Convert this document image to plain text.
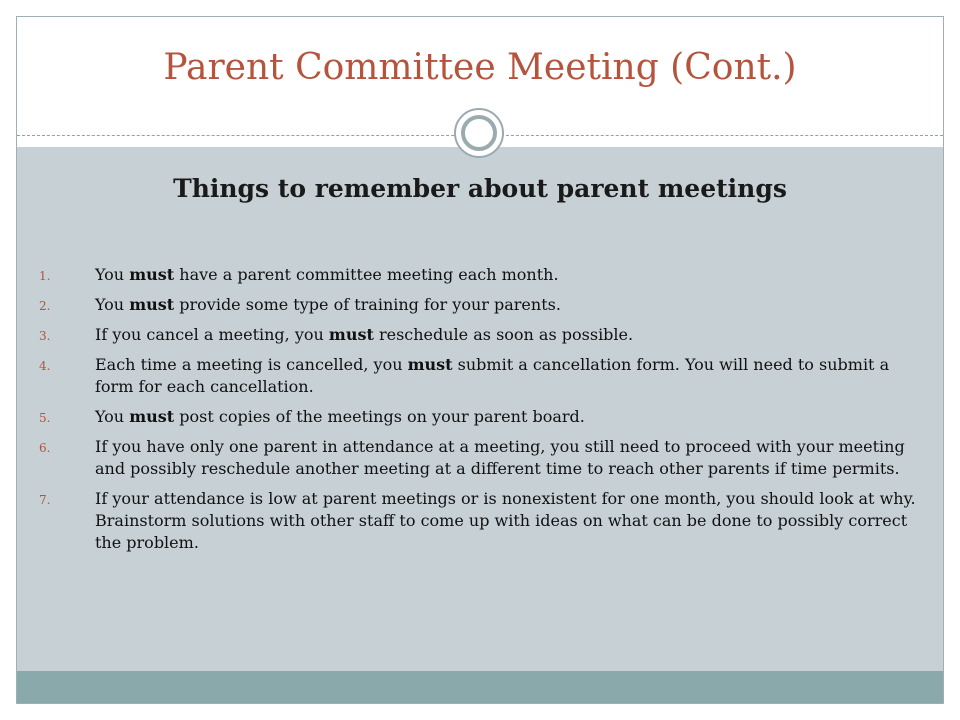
Parent Committee Meeting (Cont.)
Things to remember about parent meetings
1.	You must have a parent committee meeting each month.
2.	You must provide some type of training for your parents.
3.	If you cancel a meeting, you must reschedule as soon as possible.
4.	Each time a meeting is cancelled, you must submit a cancellation form. You will need to submit a form for each cancellation.
5.	You must post copies of the meetings on your parent board.
6.	If you have only one parent in attendance at a meeting, you still need to proceed with your meeting and possibly reschedule another meeting at a different time to reach other parents if time permits.
7.	If your attendance is low at parent meetings or is nonexistent for one month, you should look at why. Brainstorm solutions with other staff to come up with ideas on what can be done to possibly correct the problem.
